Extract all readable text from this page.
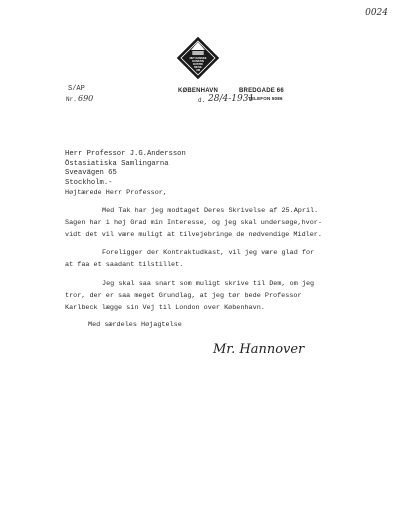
0024
DET DANSKE
KUNSTIN
DUSTRI
MUSE
UM
KØBENHAVN	BREDGADE 66
TELEFON 5086
S/AP
Nr. 690	d. 28/4-1931
Herr Professor J.G.Andersson
Östasiatiska Samlingarna
Sveavägen 65
Stockholm.-
Højtærede Herr Professor,
Med Tak har jeg modtaget Deres Skrivelse af 25.April.
Sagen har i høj Grad min Interesse, og jeg skal undersøge,hvor-
vidt det vil være muligt at tilvejebringe de nødvendige Midler.
Foreligger der Kontraktudkast, vil jeg være glad for
at faa et saadant tilstillet.
Jeg skal saa snart som muligt skrive til Dem, om jeg
tror, der er saa meget Grundlag, at jeg tør bede Professor
Karlbeck lægge sin Vej til London over København.
Med særdeles Højagtelse
Mr. Hannover
